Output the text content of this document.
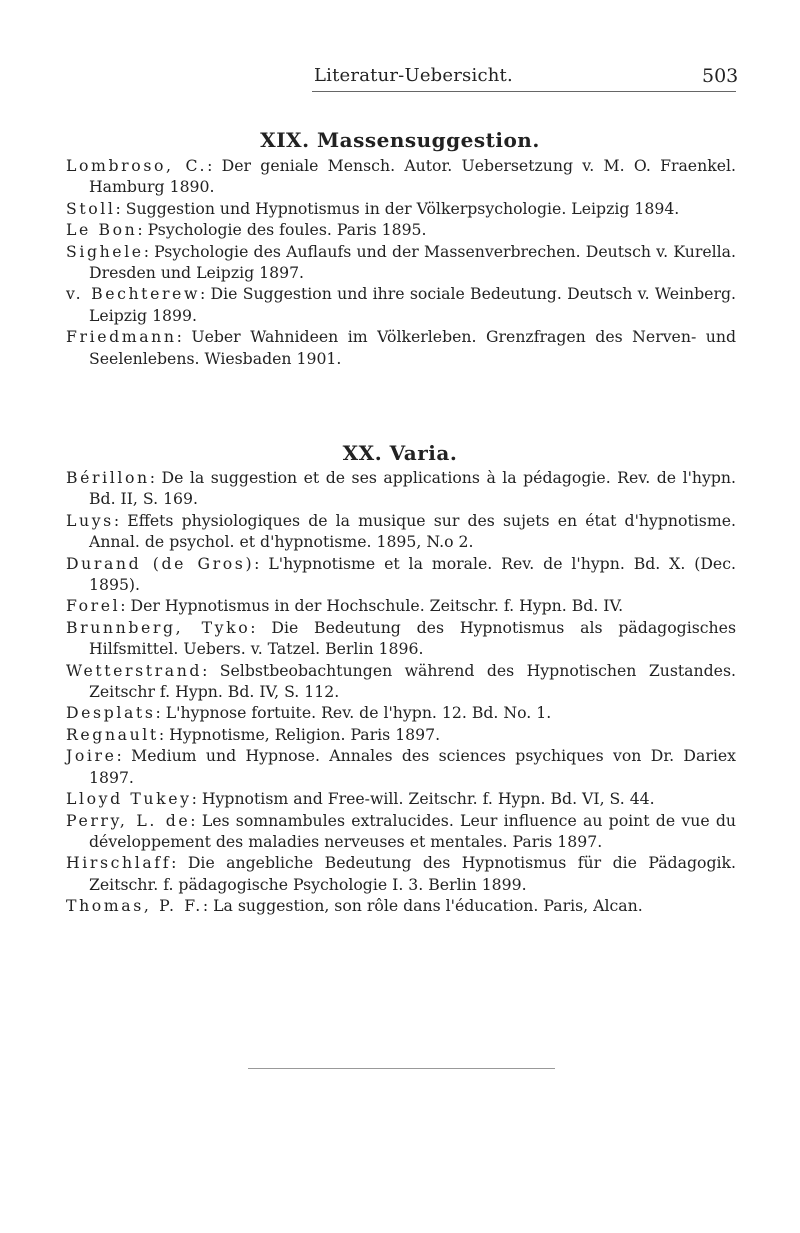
Literatur-Uebersicht.	503
XIX. Massensuggestion.

Lombroso, C.: Der geniale Mensch. Autor. Uebersetzung v. M. O. Fraenkel. Hamburg 1890.

Stoll: Suggestion und Hypnotismus in der Völkerpsychologie. Leipzig 1894.

Le Bon: Psychologie des foules. Paris 1895.

Sighele: Psychologie des Auflaufs und der Massenverbrechen. Deutsch v. Kurella. Dresden und Leipzig 1897.

v. Bechterew: Die Suggestion und ihre sociale Bedeutung. Deutsch v. Weinberg. Leipzig 1899.

Friedmann: Ueber Wahnideen im Völkerleben. Grenzfragen des Nerven- und Seelenlebens. Wiesbaden 1901.

XX. Varia.

Bérillon: De la suggestion et de ses applications à la pédagogie. Rev. de l'hypn. Bd. II, S. 169.

Luys: Effets physiologiques de la musique sur des sujets en état d'hypnotisme. Annal. de psychol. et d'hypnotisme. 1895, N.o 2.

Durand (de Gros): L'hypnotisme et la morale. Rev. de l'hypn. Bd. X. (Dec. 1895).

Forel: Der Hypnotismus in der Hochschule. Zeitschr. f. Hypn. Bd. IV.

Brunnberg, Tyko: Die Bedeutung des Hypnotismus als pädagogisches Hilfsmittel. Uebers. v. Tatzel. Berlin 1896.

Wetterstrand: Selbstbeobachtungen während des Hypnotischen Zustandes. Zeitschr f. Hypn. Bd. IV, S. 112.

Desplats: L'hypnose fortuite. Rev. de l'hypn. 12. Bd. No. 1.

Regnault: Hypnotisme, Religion. Paris 1897.

Joire: Medium und Hypnose. Annales des sciences psychiques von Dr. Dariex 1897.

Lloyd Tukey: Hypnotism and Free-will. Zeitschr. f. Hypn. Bd. VI, S. 44.

Perry, L. de: Les somnambules extralucides. Leur influence au point de vue du développement des maladies nerveuses et mentales. Paris 1897.

Hirschlaff: Die angebliche Bedeutung des Hypnotismus für die Pädagogik. Zeitschr. f. pädagogische Psychologie I. 3. Berlin 1899.

Thomas, P. F.: La suggestion, son rôle dans l'éducation. Paris, Alcan.
